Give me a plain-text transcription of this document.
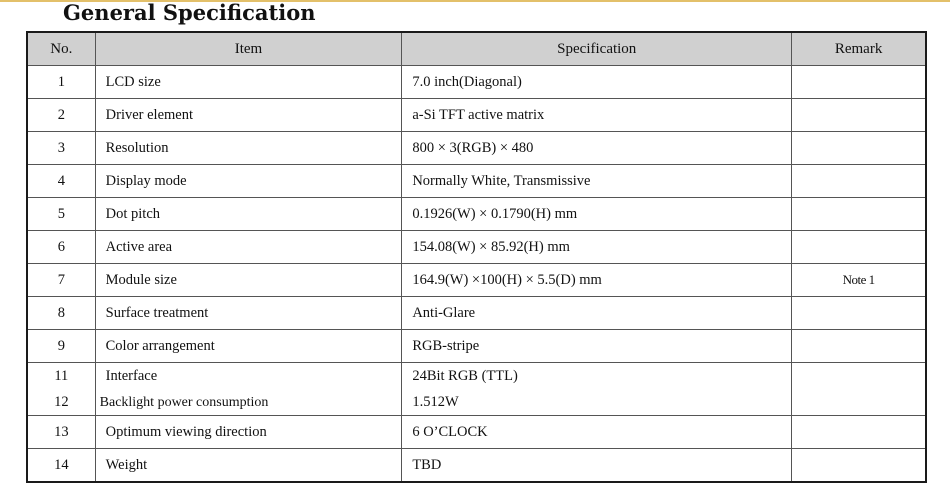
General Specification
No.	Item	Specification	Remark
1	LCD size	7.0 inch(Diagonal)	
2	Driver element	a-Si TFT active matrix	
3	Resolution	800 × 3(RGB) × 480	
4	Display mode	Normally White, Transmissive	
5	Dot pitch	0.1926(W) × 0.1790(H) mm	
6	Active area	154.08(W) × 85.92(H) mm	
7	Module size	164.9(W) ×100(H) × 5.5(D) mm	Note 1
8	Surface treatment	Anti-Glare	
9	Color arrangement	RGB-stripe	
11	Interface	24Bit RGB (TTL)	
12	Backlight power consumption	1.512W	
13	Optimum viewing direction	6 O’CLOCK	
14	Weight	TBD	
